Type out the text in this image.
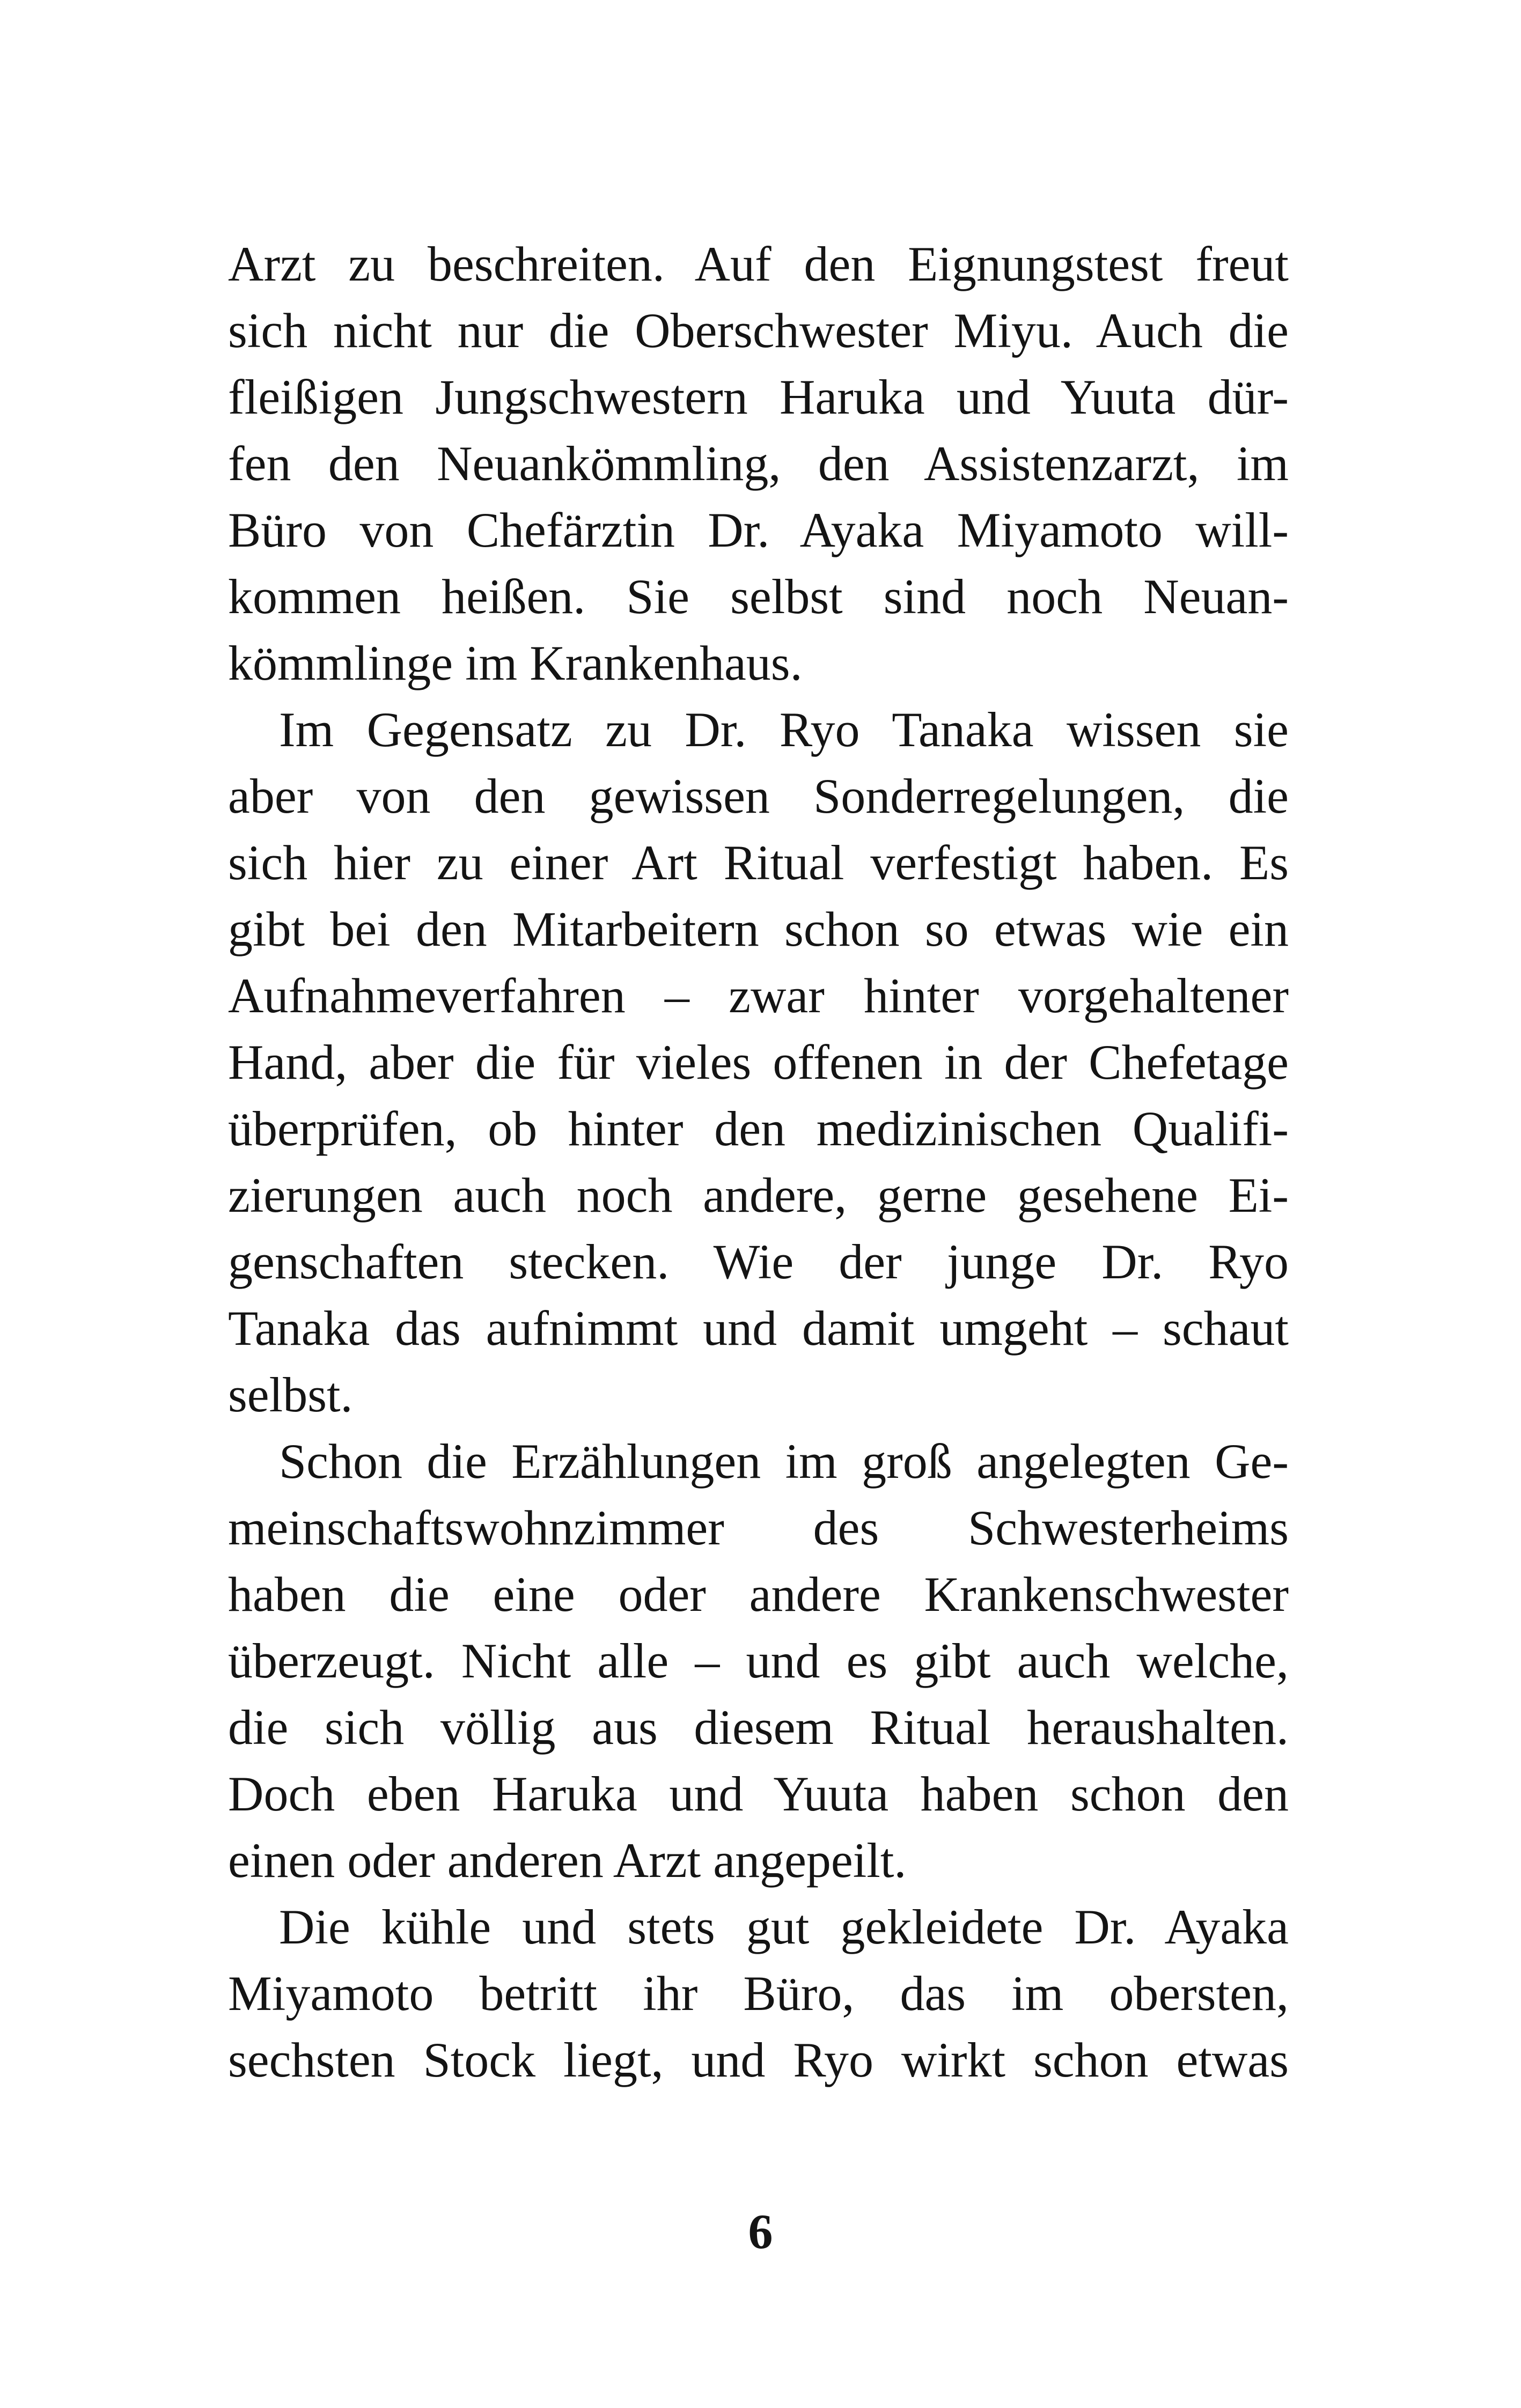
Arzt zu beschreiten. Auf den Eignungstest freut
sich nicht nur die Oberschwester Miyu. Auch die
fleißigen Jungschwestern Haruka und Yuuta dür-
fen den Neuankömmling, den Assistenzarzt, im
Büro von Chefärztin Dr. Ayaka Miyamoto will-
kommen heißen. Sie selbst sind noch Neuan-
kömmlinge im Krankenhaus.
Im Gegensatz zu Dr. Ryo Tanaka wissen sie
aber von den gewissen Sonderregelungen, die
sich hier zu einer Art Ritual verfestigt haben. Es
gibt bei den Mitarbeitern schon so etwas wie ein
Aufnahmeverfahren – zwar hinter vorgehaltener
Hand, aber die für vieles offenen in der Chefetage
überprüfen, ob hinter den medizinischen Qualifi-
zierungen auch noch andere, gerne gesehene Ei-
genschaften stecken. Wie der junge Dr. Ryo
Tanaka das aufnimmt und damit umgeht – schaut
selbst.
Schon die Erzählungen im groß angelegten Ge-
meinschaftswohnzimmer des Schwesterheims
haben die eine oder andere Krankenschwester
überzeugt. Nicht alle – und es gibt auch welche,
die sich völlig aus diesem Ritual heraushalten.
Doch eben Haruka und Yuuta haben schon den
einen oder anderen Arzt angepeilt.
Die kühle und stets gut gekleidete Dr. Ayaka
Miyamoto betritt ihr Büro, das im obersten,
sechsten Stock liegt, und Ryo wirkt schon etwas
6
